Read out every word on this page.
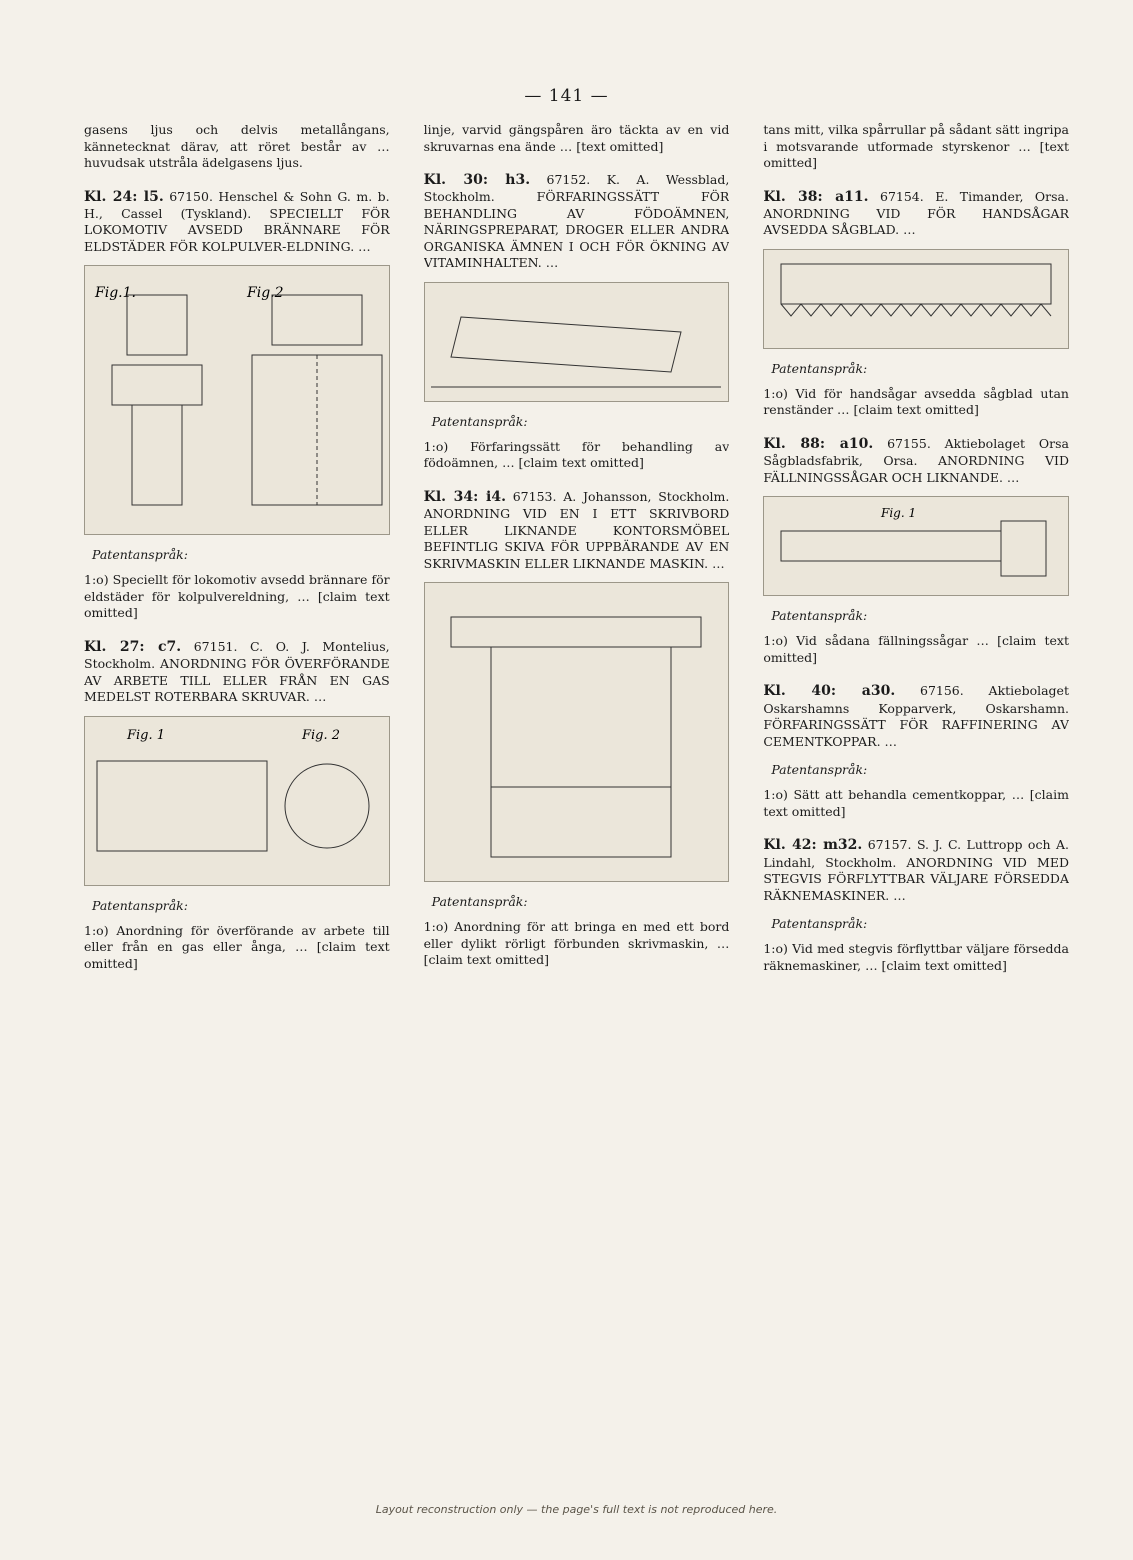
— 141 —

gasens ljus och delvis metallångans, kännetecknat därav, att röret består av … huvudsak utstråla ädelgasens ljus.

Kl. 24: l5. 67150. Henschel & Sohn G. m. b. H., Cassel (Tyskland). SPECIELLT FÖR LOKOMOTIV AVSEDD BRÄNNARE FÖR ELDSTÄDER FÖR KOLPULVER-ELDNING. …

Fig.1.	Fig.2
Patentanspråk:

1:o) Speciellt för lokomotiv avsedd brännare för eldstäder för kolpulvereldning, … [claim text omitted]

Kl. 27: c7. 67151. C. O. J. Montelius, Stockholm. ANORDNING FÖR ÖVERFÖRANDE AV ARBETE TILL ELLER FRÅN EN GAS MEDELST ROTERBARA SKRUVAR. …

Fig. 1	Fig. 2
Patentanspråk:

1:o) Anordning för överförande av arbete till eller från en gas eller ånga, … [claim text omitted]

linje, varvid gängspåren äro täckta av en vid skruvarnas ena ände … [text omitted]

Kl. 30: h3. 67152. K. A. Wessblad, Stockholm. FÖRFARINGSSÄTT FÖR BEHANDLING AV FÖDOÄMNEN, NÄRINGSPREPARAT, DROGER ELLER ANDRA ORGANISKA ÄMNEN I OCH FÖR ÖKNING AV VITAMINHALTEN. …

Patentanspråk:

1:o) Förfaringssätt för behandling av födoämnen, … [claim text omitted]

Kl. 34: i4. 67153. A. Johansson, Stockholm. ANORDNING VID EN I ETT SKRIVBORD ELLER LIKNANDE KONTORSMÖBEL BEFINTLIG SKIVA FÖR UPPBÄRANDE AV EN SKRIVMASKIN ELLER LIKNANDE MASKIN. …

Patentanspråk:

1:o) Anordning för att bringa en med ett bord eller dylikt rörligt förbunden skrivmaskin, … [claim text omitted]

tans mitt, vilka spårrullar på sådant sätt ingripa i motsvarande utformade styrskenor … [text omitted]

Kl. 38: a11. 67154. E. Timander, Orsa. ANORDNING VID FÖR HANDSÅGAR AVSEDDA SÅGBLAD. …

Patentanspråk:

1:o) Vid för handsågar avsedda sågblad utan renständer … [claim text omitted]

Kl. 88: a10. 67155. Aktiebolaget Orsa Sågbladsfabrik, Orsa. ANORDNING VID FÄLLNINGSSÅGAR OCH LIKNANDE. …

Fig. 1
Patentanspråk:

1:o) Vid sådana fällningssågar … [claim text omitted]

Kl. 40: a30. 67156. Aktiebolaget Oskarshamns Kopparverk, Oskarshamn. FÖRFARINGSSÄTT FÖR RAFFINERING AV CEMENTKOPPAR. …

Patentanspråk:

1:o) Sätt att behandla cementkoppar, … [claim text omitted]

Kl. 42: m32. 67157. S. J. C. Luttropp och A. Lindahl, Stockholm. ANORDNING VID MED STEGVIS FÖRFLYTTBAR VÄLJARE FÖRSEDDA RÄKNEMASKINER. …

Patentanspråk:

1:o) Vid med stegvis förflyttbar väljare försedda räknemaskiner, … [claim text omitted]

Layout reconstruction only — the page's full text is not reproduced here.
